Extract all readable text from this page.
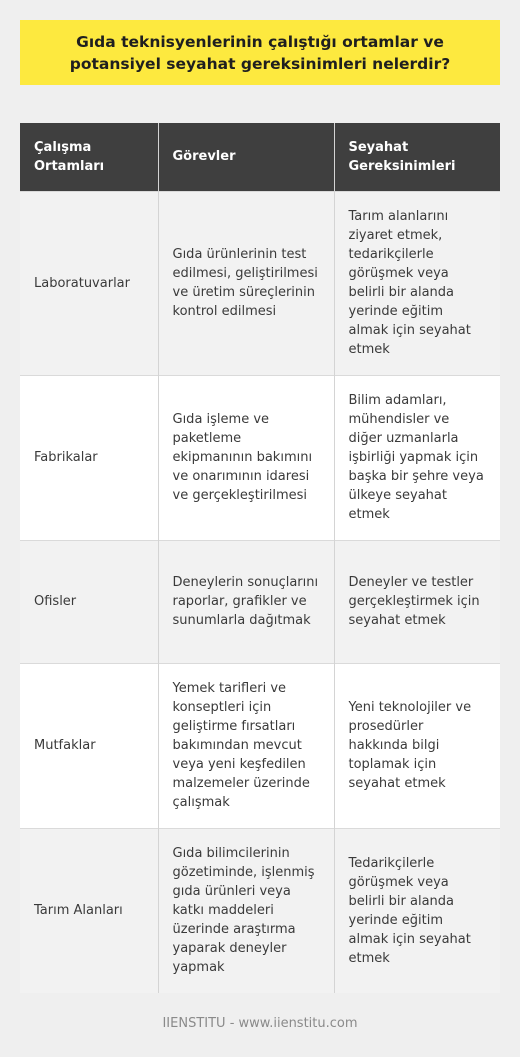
Gıda teknisyenlerinin çalıştığı ortamlar ve potansiyel seyahat gereksinimleri nelerdir?
Çalışma Ortamları	Görevler	Seyahat Gereksinimleri
Laboratuvarlar	Gıda ürünlerinin test edilmesi, geliştirilmesi ve üretim süreçlerinin kontrol edilmesi	Tarım alanlarını ziyaret etmek, tedarikçilerle görüşmek veya belirli bir alanda yerinde eğitim almak için seyahat etmek
Fabrikalar	Gıda işleme ve paketleme ekipmanının bakımını ve onarımının idaresi ve gerçekleştirilmesi	Bilim adamları, mühendisler ve diğer uzmanlarla işbirliği yapmak için başka bir şehre veya ülkeye seyahat etmek
Ofisler	Deneylerin sonuçlarını raporlar, grafikler ve sunumlarla dağıtmak	Deneyler ve testler gerçekleştirmek için seyahat etmek
Mutfaklar	Yemek tarifleri ve konseptleri için geliştirme fırsatları bakımından mevcut veya yeni keşfedilen malzemeler üzerinde çalışmak	Yeni teknolojiler ve prosedürler hakkında bilgi toplamak için seyahat etmek
Tarım Alanları	Gıda bilimcilerinin gözetiminde, işlenmiş gıda ürünleri veya katkı maddeleri üzerinde araştırma yaparak deneyler yapmak	Tedarikçilerle görüşmek veya belirli bir alanda yerinde eğitim almak için seyahat etmek
IIENSTITU - www.iienstitu.com
